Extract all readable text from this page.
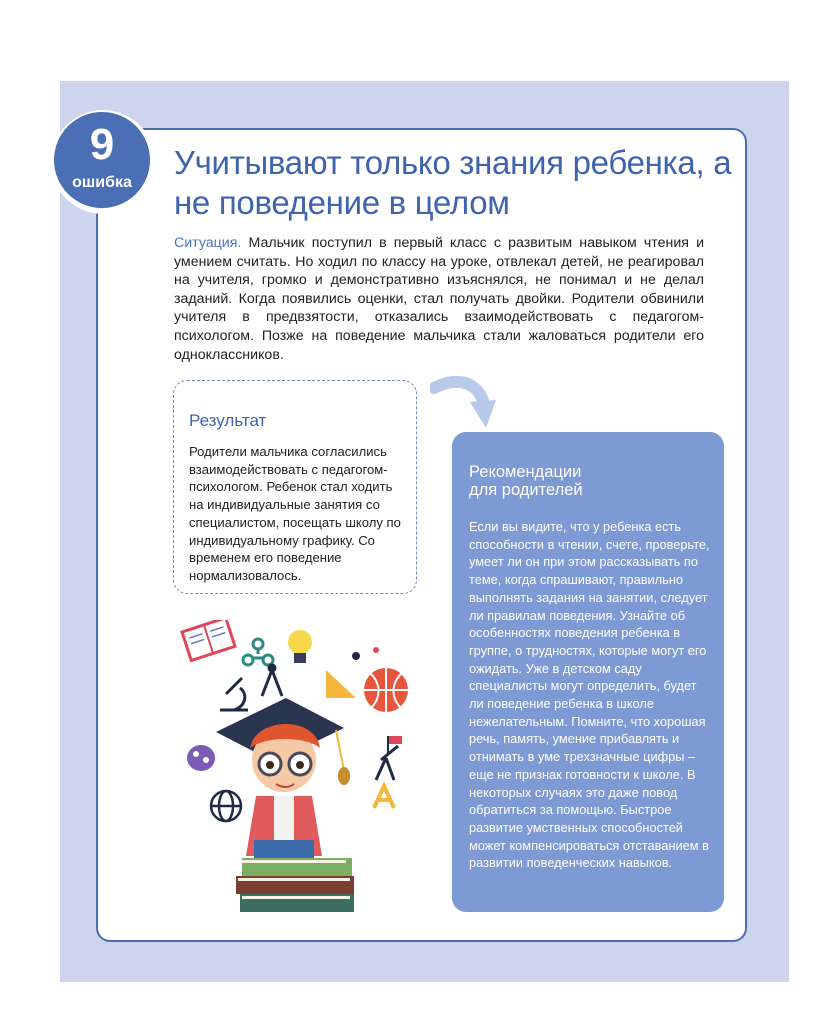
9
ошибка
Учитывают только знания ребенка, а не поведение в целом

Ситуация. Мальчик поступил в первый класс с развитым навыком чтения и умением считать. Но ходил по классу на уроке, отвлекал детей, не реагировал на учителя, громко и демонстративно изъяснялся, не понимал и не делал заданий. Когда появились оценки, стал получать двойки. Родители обвинили учителя в предвзятости, отказались взаимодействовать с педагогом-психологом. Позже на поведение мальчика стали жаловаться родители его одноклассников.

Результат

Родители мальчика согласились взаимодействовать с педагогом-психологом. Ребенок стал ходить на индивидуальные занятия со специалистом, посещать школу по индивидуальному графику. Со временем его поведение нормализовалось.

Рекомендации
для родителей

Если вы видите, что у ребенка есть способности в чтении, счете, проверьте, умеет ли он при этом рассказывать по теме, когда спрашивают, правильно выполнять задания на занятии, следует ли правилам поведения. Узнайте об особенностях поведения ребенка в группе, о трудностях, которые могут его ожидать. Уже в детском саду специалисты могут определить, будет ли поведение ребенка в школе нежелательным. Помните, что хорошая речь, память, умение прибавлять и отнимать в уме трехзначные цифры – еще не признак готовности к школе. В некоторых случаях это даже повод обратиться за помощью. Быстрое развитие умственных способностей может компенсироваться отставанием в развитии поведенческих навыков.
